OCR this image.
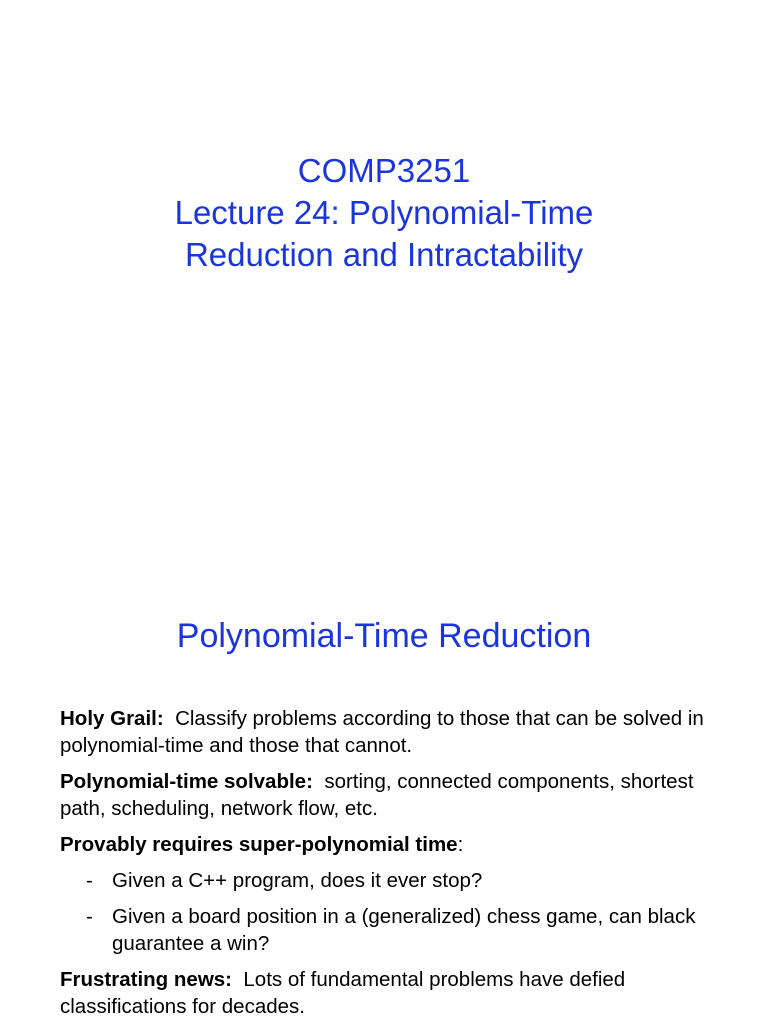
COMP3251
Lecture 24: Polynomial-Time
Reduction and Intractability
Polynomial-Time Reduction

Holy Grail: Classify problems according to those that can be solved in polynomial-time and those that cannot.

Polynomial-time solvable: sorting, connected components, shortest path, scheduling, network flow, etc.

Provably requires super-polynomial time:

- Given a C++ program, does it ever stop?
- Given a board position in a (generalized) chess game, can black guarantee a win?

Frustrating news: Lots of fundamental problems have defied classifications for decades.
